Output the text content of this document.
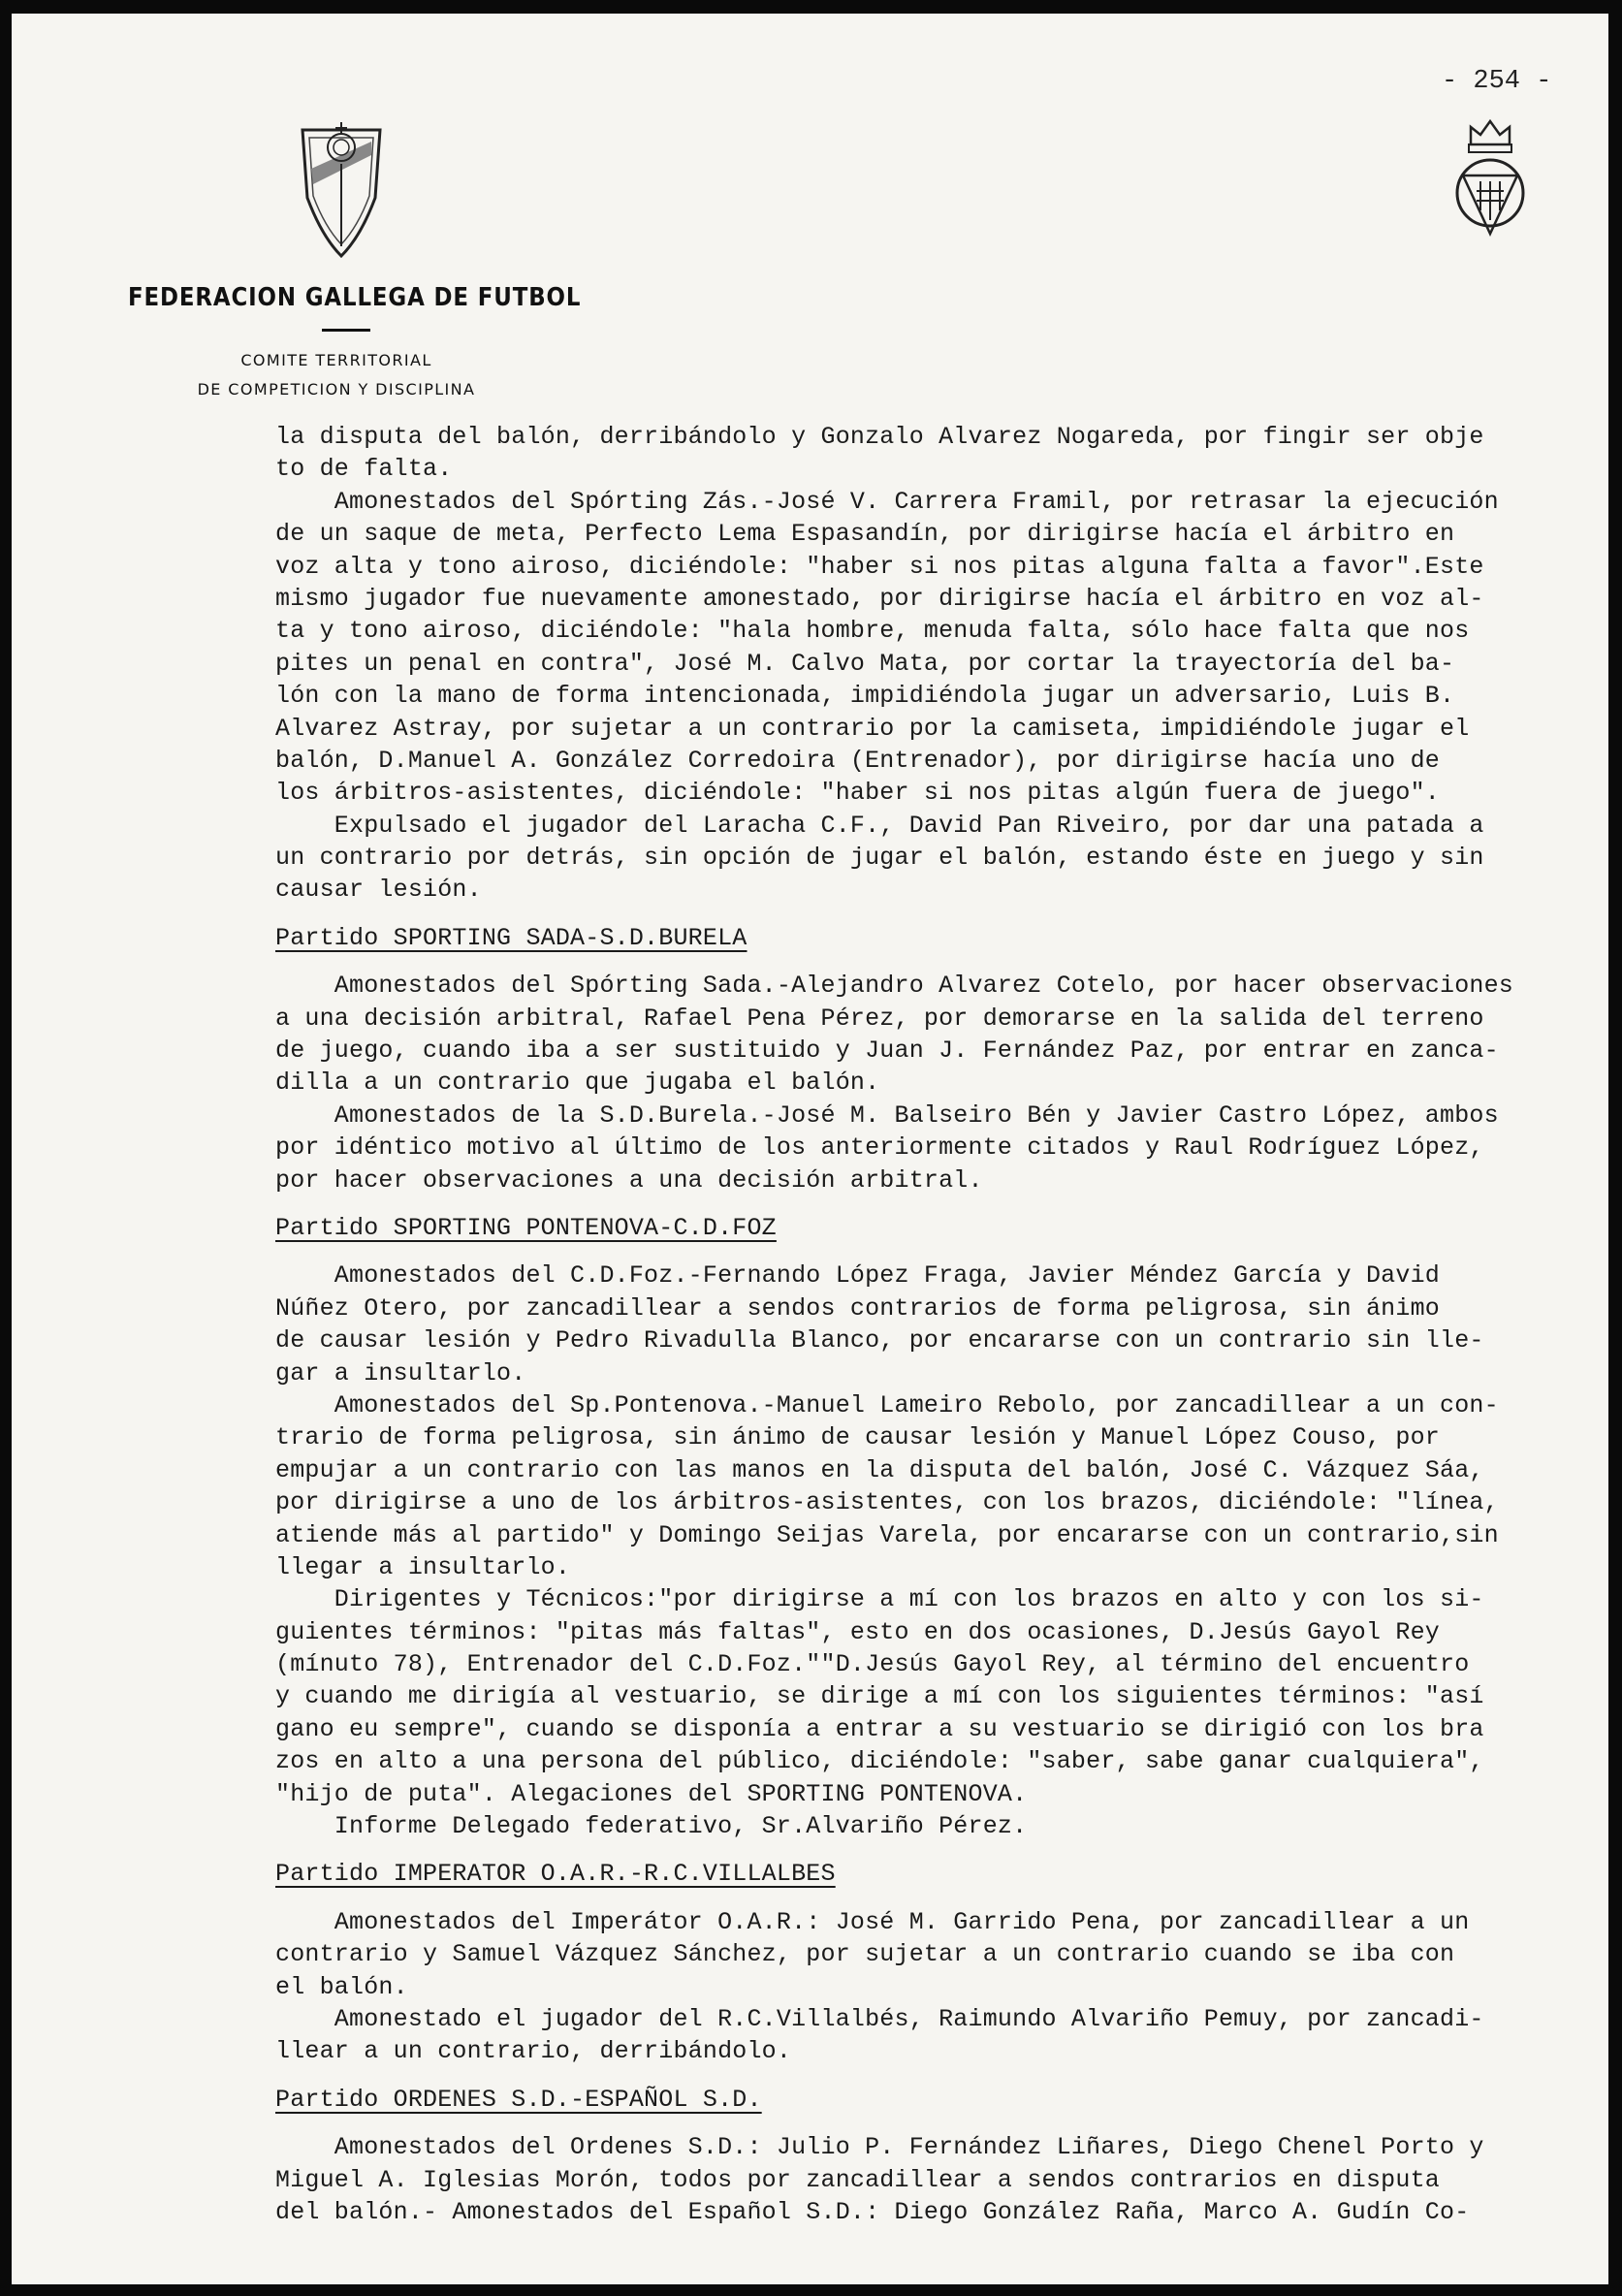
- 254 -
FEDERACION GALLEGA DE FUTBOL
COMITE TERRITORIAL
DE COMPETICION Y DISCIPLINA
la disputa del balón, derribándolo y Gonzalo Alvarez Nogareda, por fingir ser obje
to de falta.
Amonestados del Spórting Zás.-José V. Carrera Framil, por retrasar la ejecución
de un saque de meta, Perfecto Lema Espasandín, por dirigirse hacía el árbitro en
voz alta y tono airoso, diciéndole: "haber si nos pitas alguna falta a favor".Este
mismo jugador fue nuevamente amonestado, por dirigirse hacía el árbitro en voz al-
ta y tono airoso, diciéndole: "hala hombre, menuda falta, sólo hace falta que nos
pites un penal en contra", José M. Calvo Mata, por cortar la trayectoría del ba-
lón con la mano de forma intencionada, impidiéndola jugar un adversario, Luis B.
Alvarez Astray, por sujetar a un contrario por la camiseta, impidiéndole jugar el
balón, D.Manuel A. González Corredoira (Entrenador), por dirigirse hacía uno de
los árbitros-asistentes, diciéndole: "haber si nos pitas algún fuera de juego".
Expulsado el jugador del Laracha C.F., David Pan Riveiro, por dar una patada a
un contrario por detrás, sin opción de jugar el balón, estando éste en juego y sin
causar lesión.
Partido SPORTING SADA-S.D.BURELA
Amonestados del Spórting Sada.-Alejandro Alvarez Cotelo, por hacer observaciones
a una decisión arbitral, Rafael Pena Pérez, por demorarse en la salida del terreno
de juego, cuando iba a ser sustituido y Juan J. Fernández Paz, por entrar en zanca-
dilla a un contrario que jugaba el balón.
Amonestados de la S.D.Burela.-José M. Balseiro Bén y Javier Castro López, ambos
por idéntico motivo al último de los anteriormente citados y Raul Rodríguez López,
por hacer observaciones a una decisión arbitral.
Partido SPORTING PONTENOVA-C.D.FOZ
Amonestados del C.D.Foz.-Fernando López Fraga, Javier Méndez García y David
Núñez Otero, por zancadillear a sendos contrarios de forma peligrosa, sin ánimo
de causar lesión y Pedro Rivadulla Blanco, por encararse con un contrario sin lle-
gar a insultarlo.
Amonestados del Sp.Pontenova.-Manuel Lameiro Rebolo, por zancadillear a un con-
trario de forma peligrosa, sin ánimo de causar lesión y Manuel López Couso, por
empujar a un contrario con las manos en la disputa del balón, José C. Vázquez Sáa,
por dirigirse a uno de los árbitros-asistentes, con los brazos, diciéndole: "línea,
atiende más al partido" y Domingo Seijas Varela, por encararse con un contrario,sin
llegar a insultarlo.
Dirigentes y Técnicos:"por dirigirse a mí con los brazos en alto y con los si-
guientes términos: "pitas más faltas", esto en dos ocasiones, D.Jesús Gayol Rey
(mínuto 78), Entrenador del C.D.Foz.""D.Jesús Gayol Rey, al término del encuentro
y cuando me dirigía al vestuario, se dirige a mí con los siguientes términos: "así
gano eu sempre", cuando se disponía a entrar a su vestuario se dirigió con los bra
zos en alto a una persona del público, diciéndole: "saber, sabe ganar cualquiera",
"hijo de puta". Alegaciones del SPORTING PONTENOVA.
Informe Delegado federativo, Sr.Alvariño Pérez.
Partido IMPERATOR O.A.R.-R.C.VILLALBES
Amonestados del Imperátor O.A.R.: José M. Garrido Pena, por zancadillear a un
contrario y Samuel Vázquez Sánchez, por sujetar a un contrario cuando se iba con
el balón.
Amonestado el jugador del R.C.Villalbés, Raimundo Alvariño Pemuy, por zancadi-
llear a un contrario, derribándolo.
Partido ORDENES S.D.-ESPAÑOL S.D.
Amonestados del Ordenes S.D.: Julio P. Fernández Liñares, Diego Chenel Porto y
Miguel A. Iglesias Morón, todos por zancadillear a sendos contrarios en disputa
del balón.- Amonestados del Español S.D.: Diego González Raña, Marco A. Gudín Co-
